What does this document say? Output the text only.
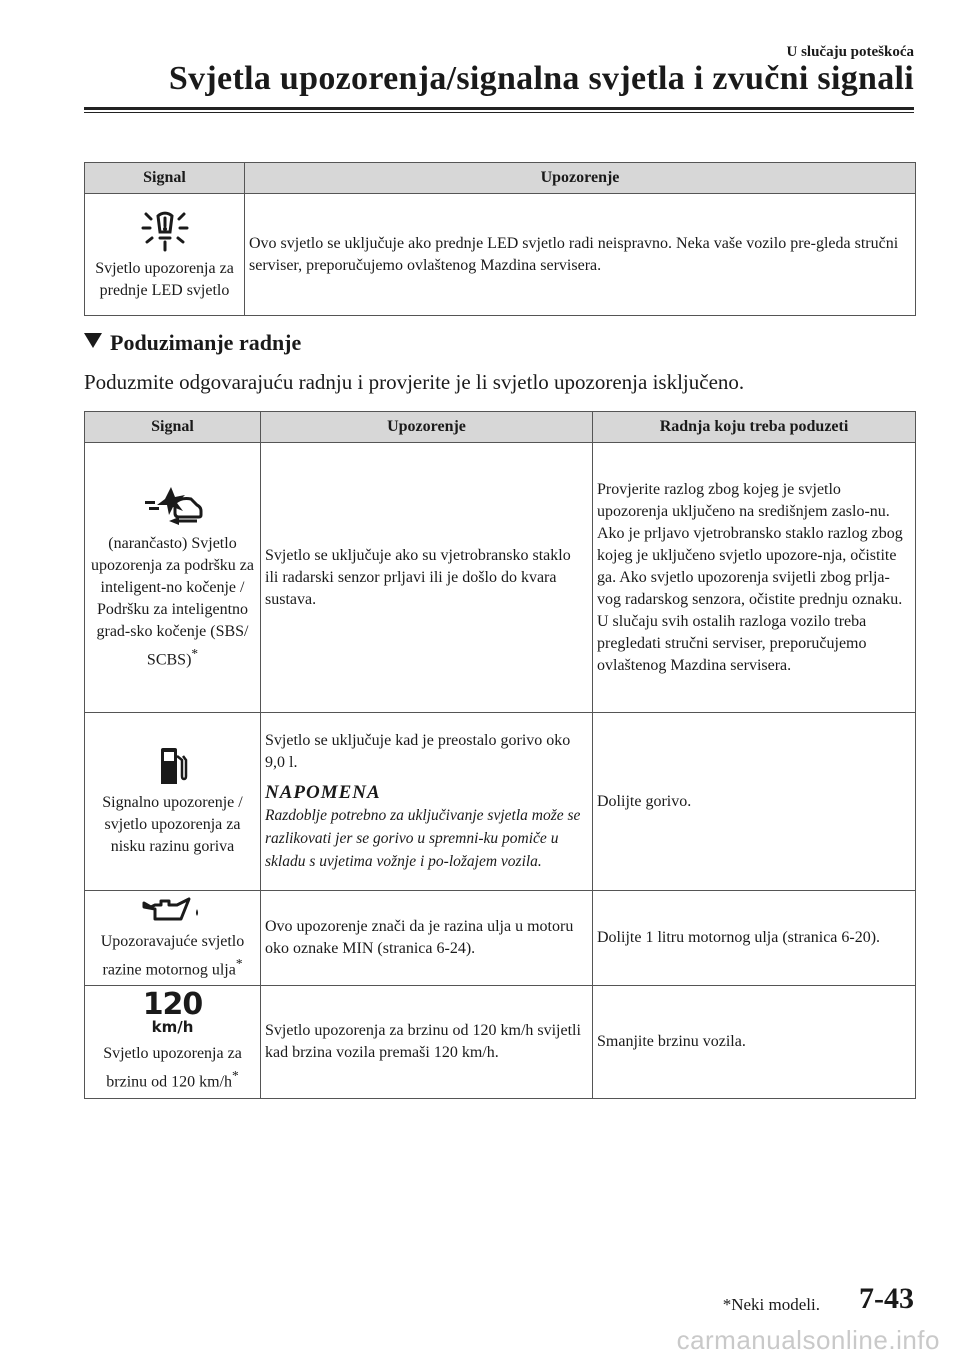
U slučaju poteškoća
Svjetla upozorenja/signalna svjetla i zvučni signali
Signal	Upozorenje

Svjetlo upozorenja za prednje LED svjetlo	Ovo svjetlo se uključuje ako prednje LED svjetlo radi neispravno. Neka vaše vozilo pre-gleda stručni serviser, preporučujemo ovlaštenog Mazdina servisera.
Poduzimanje radnje
Poduzmite odgovarajuću radnju i provjerite je li svjetlo upozorenja isključeno.
Signal	Upozorenje	Radnja koju treba poduzeti

(narančasto) Svjetlo upozorenja za podršku za inteligent-no kočenje / Podršku za inteligentno grad-sko kočenje (SBS/ SCBS)*	Svjetlo se uključuje ako su vjetrobransko staklo ili radarski senzor prljavi ili je došlo do kvara sustava.	Provjerite razlog zbog kojeg je svjetlo upozorenja uključeno na središnjem zaslo-nu. Ako je prljavo vjetrobransko staklo razlog zbog kojeg je uključeno svjetlo upozore-nja, očistite ga. Ako svjetlo upozorenja svijetli zbog prlja-vog radarskog senzora, očistite prednju oznaku. U slučaju svih ostalih razloga vozilo treba pregledati stručni serviser, preporučujemo ovlaštenog Mazdina servisera.

Signalno upozorenje / svjetlo upozorenja za nisku razinu goriva	Svjetlo se uključuje kad je preostalo gorivo oko 9,0 l.
NAPOMENA
Razdoblje potrebno za uključivanje svjetla može se razlikovati jer se gorivo u spremni-ku pomiče u skladu s uvjetima vožnje i po-ložajem vozila.	Dolijte gorivo.

Upozoravajuće svjetlo razine motornog ulja*	Ovo upozorenje znači da je razina ulja u motoru oko oznake MIN (stranica 6-24).	Dolijte 1 litru motornog ulja (stranica 6-20).

120
km/h
Svjetlo upozorenja za brzinu od 120 km/h*	Svjetlo upozorenja za brzinu od 120 km/h svijetli kad brzina vozila premaši 120 km/h.	Smanjite brzinu vozila.
*Neki modeli. 7-43
carmanualsonline.info
